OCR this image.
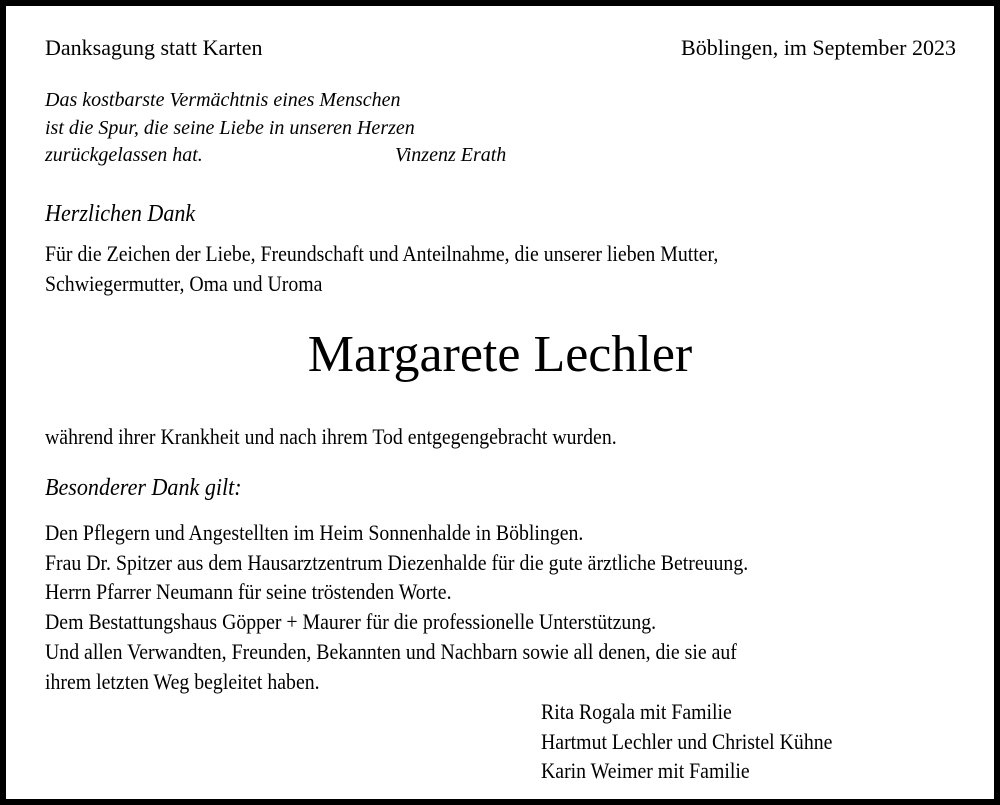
Danksagung statt Karten	Böblingen, im September 2023
Das kostbarste Vermächtnis eines Menschen
ist die Spur, die seine Liebe in unseren Herzen
zurückgelassen hat.	Vinzenz Erath
Herzlichen Dank
Für die Zeichen der Liebe, Freundschaft und Anteilnahme, die unserer lieben Mutter,
Schwiegermutter, Oma und Uroma
Margarete Lechler
während ihrer Krankheit und nach ihrem Tod entgegengebracht wurden.
Besonderer Dank gilt:
Den Pflegern und Angestellten im Heim Sonnenhalde in Böblingen.
Frau Dr. Spitzer aus dem Hausarztzentrum Diezenhalde für die gute ärztliche Betreuung.
Herrn Pfarrer Neumann für seine tröstenden Worte.
Dem Bestattungshaus Göpper + Maurer für die professionelle Unterstützung.
Und allen Verwandten, Freunden, Bekannten und Nachbarn sowie all denen, die sie auf
ihrem letzten Weg begleitet haben.
Rita Rogala mit Familie
Hartmut Lechler und Christel Kühne
Karin Weimer mit Familie
